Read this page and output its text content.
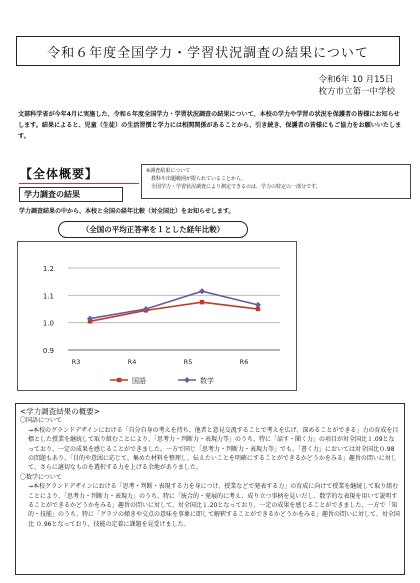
令和６年度全国学力・学習状況調査の結果について
令和6年 10 月15日
枚方市立第一中学校
文部科学省が今年4月に実施した、令和６年度全国学力・学習状況調査の結果について、本校の学力や学習の状況を保護者の皆様にお知らせします。結果によると、児童（生徒）の生活習慣と学力には相関関係があることから、引き続き、保護者の皆様にもご協力をお願いいたします。
【全体概要】	※調査結果について
　教科や出題範囲が限られていることから、
　全国学力・学習状況調査により測定できるのは、学力の特定の一部分です。
学力調査の結果
学力調査結果の中から、本校と全国の経年比較（対全国比）をお知らせします。
（全国の平均正答率を１とした経年比較）
1.2
1.1
1.0
0.9
R3	R4	R5	R6
国語	数学
<学力調査結果の概要>
〇国語について
→本校のグランドデザインにおける「自分自身の考えを持ち、他者と意見交流することで考えを広げ、深めることができる」力の育成を目標とした授業を継続して取り組むことにより、「思考力・判断力・表現力等」のうち、特に「話す・聞く力」の項目が対全国比１.09となっており、一定の成果を感じることができました。一方で同じ「思考力・判断力・表現力等」でも、「書く力」においては対全国比０.98の問題もあり、「目的や意図に応じて、集めた材料を整理し、伝えたいことを明確にすることができるかどうかをみる」趣旨の問いに対して、さらに適切なものを選択する力を上げる余地がありました。
〇数学について
→本校グランドデザインにおける「思考・判断・表現する力を身につけ、授業などで発表する力」の育成に向けて授業を継続して取り組むことにより、「思考力・判断力・表現力」のうち、特に「統合的・発展的に考え、成り立つ事柄を見いだし、数学的な表現を用いて説明することができるかどうかをみる」趣旨の問いに対して、対全国比１.20となっており、一定の成果を感じることができました。一方で「知的・技能」のうち、特に「グラフの傾きや交点の意味を事象に即して解釈することができるかどうかをみる」趣旨の問いに対して、対全国比 ０.96となっており、技能の定着に課題を見受けました。
